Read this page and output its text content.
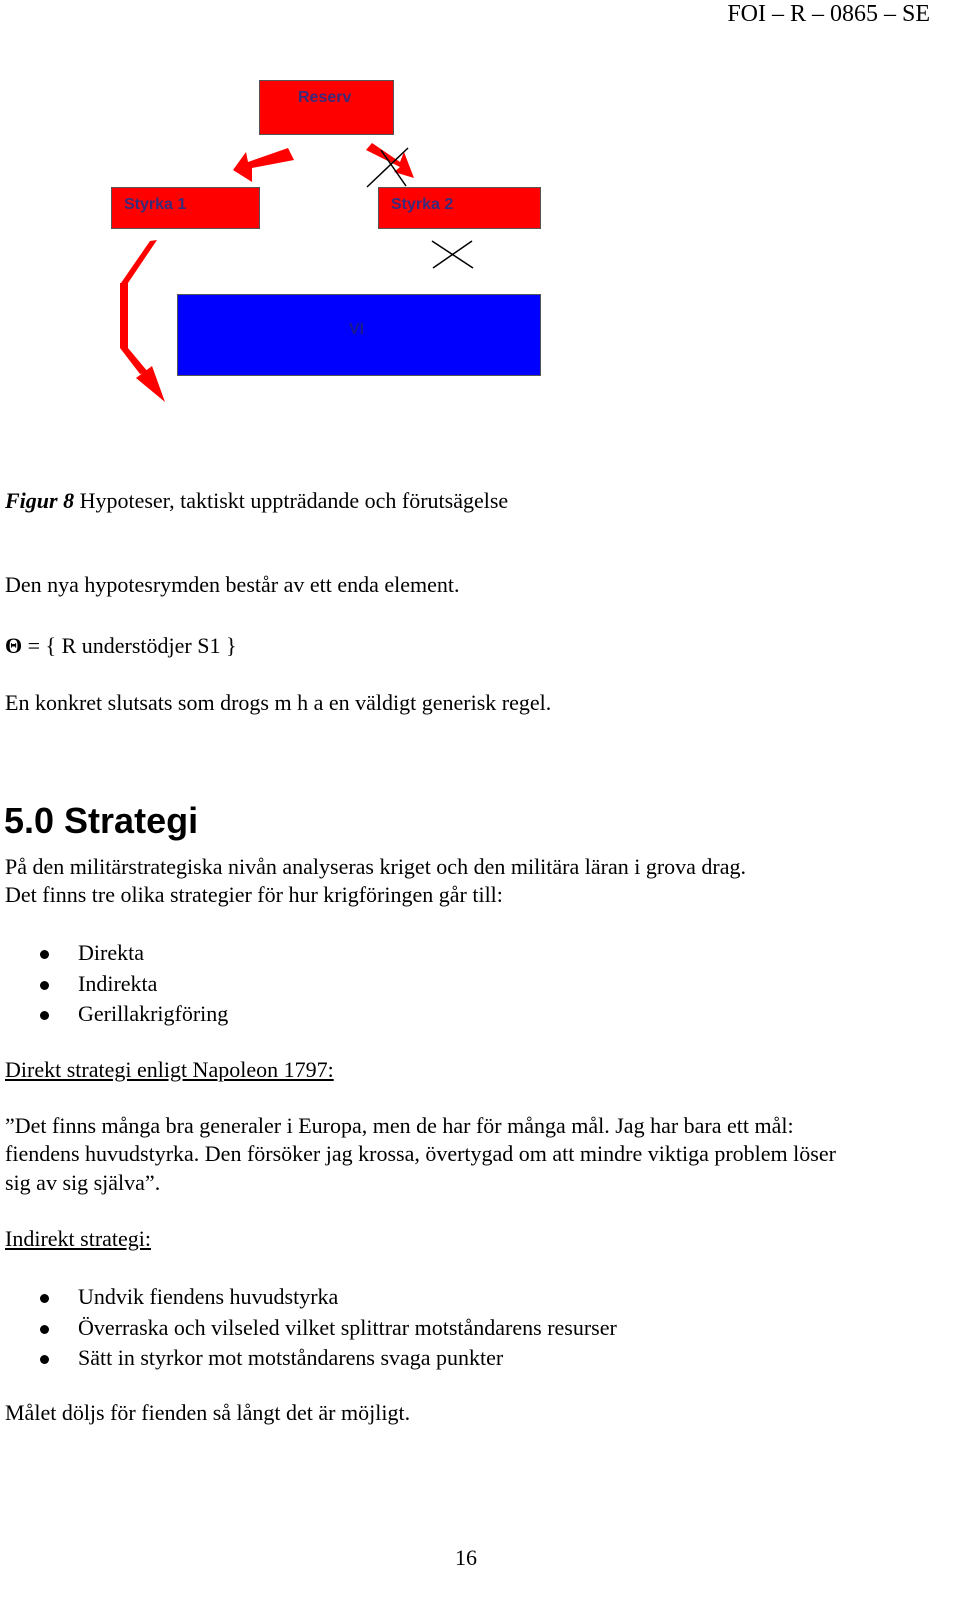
FOI – R – 0865 – SE
Reserv
Styrka 1	Styrka 2
VI
Figur 8 Hypoteser, taktiskt uppträdande och förutsägelse
Den nya hypotesrymden består av ett enda element.
Θ = { R understödjer S1 }
En konkret slutsats som drogs m h a en väldigt generisk regel.
5.0 Strategi
På den militärstrategiska nivån analyseras kriget och den militära läran i grova drag.
Det finns tre olika strategier för hur krigföringen går till:
Direkta
Indirekta
Gerillakrigföring
Direkt strategi enligt Napoleon 1797:
”Det finns många bra generaler i Europa, men de har för många mål. Jag har bara ett mål:
fiendens huvudstyrka. Den försöker jag krossa, övertygad om att mindre viktiga problem löser
sig av sig själva”.
Indirekt strategi:
Undvik fiendens huvudstyrka
Överraska och vilseled vilket splittrar motståndarens resurser
Sätt in styrkor mot motståndarens svaga punkter
Målet döljs för fienden så långt det är möjligt.
16
